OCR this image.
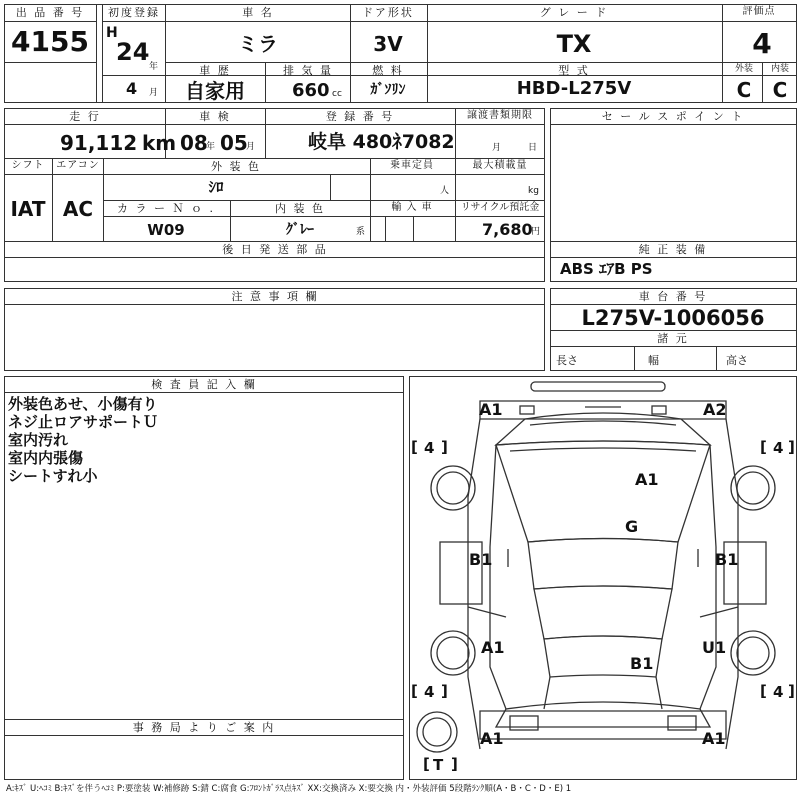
出 品 番 号
4155
初度登録
H
24
年
4 月
車 名
ミラ
ドア形状
3V
グ レ ー ド
TX
評価点
4
外装 内装
C C
車 歴
自家用
排 気 量
660 cc
燃 料
ｶﾞｿﾘﾝ
型 式
HBD-L275V
走 行
91,112 km
車 検
08
年 05
月
登 録 番 号
岐阜 480ﾈ7082
譲渡書類期限
月	日
シフト エアコン
IAT AC
外 装 色
ｼﾛ
乗車定員
人
最大積載量
kg
カ ラ ー Ｎ ｏ .
W09
内 装 色
ｸﾞﾚｰ	系
輸 入 車	リサイクル預託金
7,680
円
後 日 発 送 部 品
セ ー ル ス ポ イ ン ト
純 正 装 備
ABS ｴｱB PS
注 意 事 項 欄	車 台 番 号
L275V-1006056
諸 元
長さ	幅	高さ
検 査 員 記 入 欄
外装色あせ、小傷有り
ネジ止ロアサポートＵ
室内汚れ
室内内張傷
シートすれ小
事 務 局 よ り ご 案 内
A1	A2
A1
G
B1	B1
A1	U1
B1
A1	A1
[ 4 ]	[ 4 ]
[ 4 ]	[ 4 ]
[ T ]
A:ｷｽﾞ U:ﾍｺﾐ B:ｷｽﾞを伴うﾍｺﾐ P:要塗装 W:補修跡 S:錆 C:腐食 G:ﾌﾛﾝﾄｶﾞﾗｽ点ｷｽﾞ XX:交換済み X:要交換 内・外装評価 5段階ﾗﾝｸ順(A・B・C・D・E) 1
